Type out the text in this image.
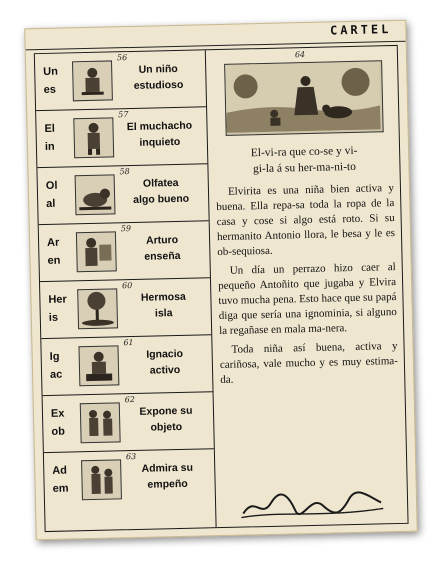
CARTEL
Un
es
56
Un niño
estudioso
El
in
57
El muchacho
inquieto
Ol
al
58
Olfatea
algo bueno
Ar
en
59
Arturo
enseña
Her
is
60
Hermosa
isla
Ig
ac
61
Ignacio
activo
Ex
ob
62
Expone su
objeto
Ad
em
63
Admira su
empeño
64
El-vi-ra que co-se y vi-
gi-la á su her-ma-ni-to

Elvirita es una niña bien activa y buena. Ella repa-sa toda la ropa de la casa y cose si algo está roto. Si su hermanito Antonio llora, le besa y le es ob-sequiosa.

Un día un perrazo hizo caer al pequeño Antoñito que jugaba y Elvira tuvo mucha pena. Esto hace que su papá diga que sería una ignominia, si alguno la regañase en mala ma-nera.

Toda niña así buena, activa y cariñosa, vale mucho y es muy estima-da.
